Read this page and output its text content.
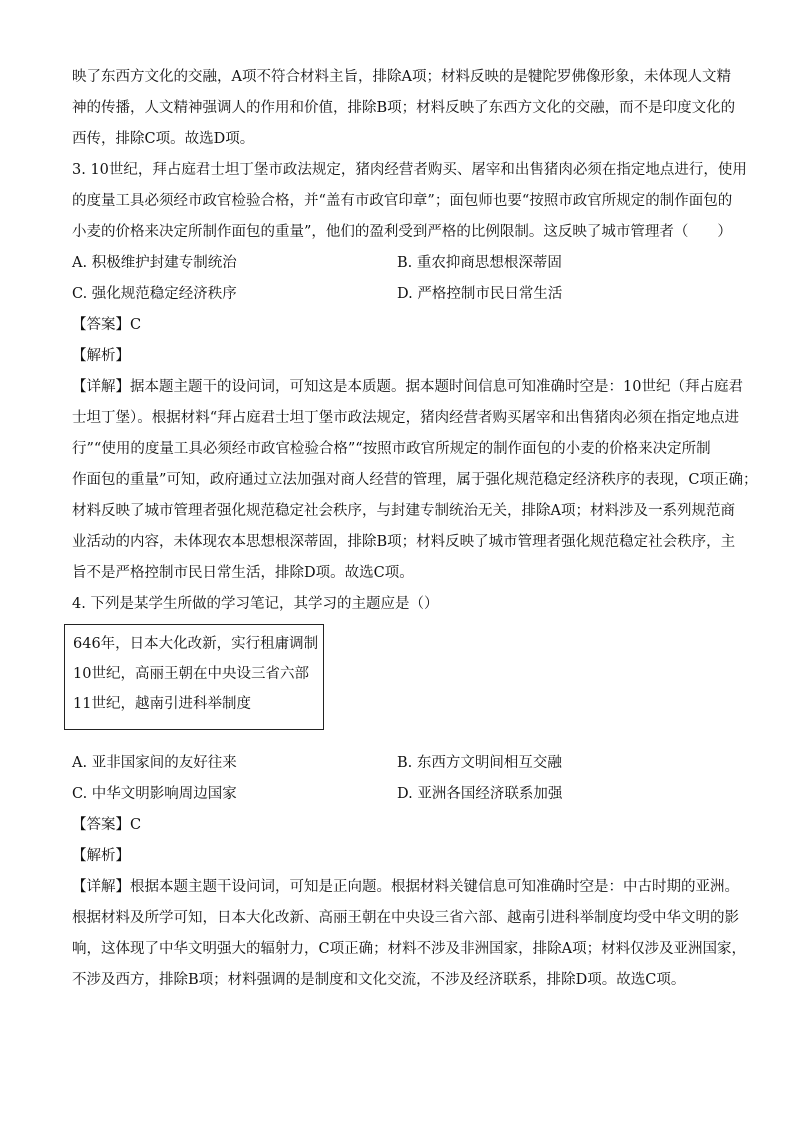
映了东西方文化的交融，A项不符合材料主旨，排除A项；材料反映的是犍陀罗佛像形象，未体现人文精
神的传播，人文精神强调人的作用和价值，排除B项；材料反映了东西方文化的交融，而不是印度文化的
西传，排除C项。故选D项。
3. 10世纪，拜占庭君士坦丁堡市政法规定，猪肉经营者购买、屠宰和出售猪肉必须在指定地点进行，使用
的度量工具必须经市政官检验合格，并“盖有市政官印章”；面包师也要“按照市政官所规定的制作面包的
小麦的价格来决定所制作面包的重量”，他们的盈利受到严格的比例限制。这反映了城市管理者（　　）
A. 积极维护封建专制统治	B. 重农抑商思想根深蒂固
C. 强化规范稳定经济秩序	D. 严格控制市民日常生活
【答案】C
【解析】
【详解】据本题主题干的设问词，可知这是本质题。据本题时间信息可知准确时空是：10世纪（拜占庭君
士坦丁堡）。根据材料“拜占庭君士坦丁堡市政法规定，猪肉经营者购买屠宰和出售猪肉必须在指定地点进
行”“使用的度量工具必须经市政官检验合格”“按照市政官所规定的制作面包的小麦的价格来决定所制
作面包的重量”可知，政府通过立法加强对商人经营的管理，属于强化规范稳定经济秩序的表现，C项正确；
材料反映了城市管理者强化规范稳定社会秩序，与封建专制统治无关，排除A项；材料涉及一系列规范商
业活动的内容，未体现农本思想根深蒂固，排除B项；材料反映了城市管理者强化规范稳定社会秩序，主
旨不是严格控制市民日常生活，排除D项。故选C项。
4. 下列是某学生所做的学习笔记，其学习的主题应是（）
646年，日本大化改新，实行租庸调制
10世纪，高丽王朝在中央设三省六部
11世纪，越南引进科举制度
A. 亚非国家间的友好往来	B. 东西方文明间相互交融
C. 中华文明影响周边国家	D. 亚洲各国经济联系加强
【答案】C
【解析】
【详解】根据本题主题干设问词，可知是正向题。根据材料关键信息可知准确时空是：中古时期的亚洲。
根据材料及所学可知，日本大化改新、高丽王朝在中央设三省六部、越南引进科举制度均受中华文明的影
响，这体现了中华文明强大的辐射力，C项正确；材料不涉及非洲国家，排除A项；材料仅涉及亚洲国家，
不涉及西方，排除B项；材料强调的是制度和文化交流，不涉及经济联系，排除D项。故选C项。
